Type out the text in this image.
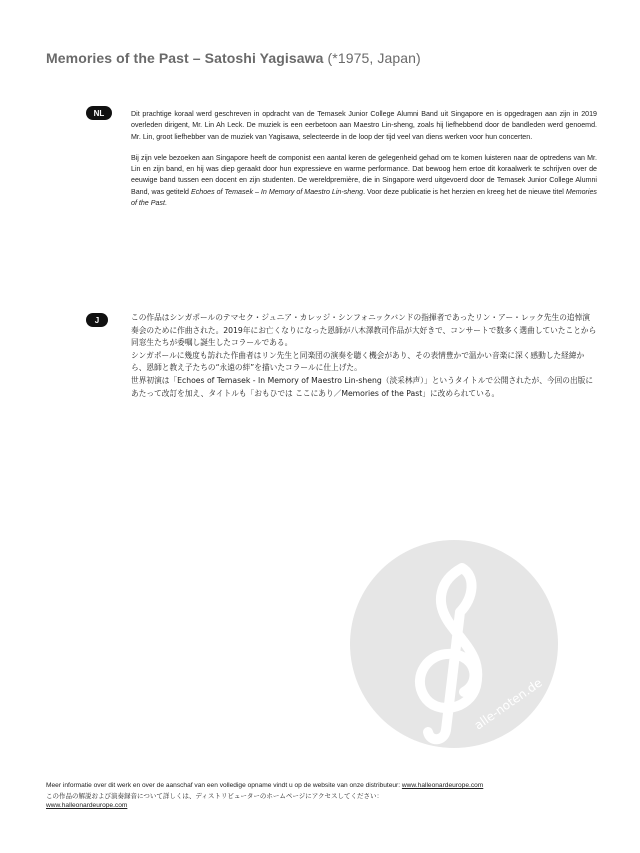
Memories of the Past – Satoshi Yagisawa (*1975, Japan)
NL	Dit prachtige koraal werd geschreven in opdracht van de Temasek Junior College Alumni Band uit Singapore en is opgedragen aan zijn in 2019 overleden dirigent, Mr. Lin Ah Leck. De muziek is een eerbetoon aan Maestro Lin-sheng, zoals hij liefhebbend door de bandleden werd genoemd. Mr. Lin, groot liefhebber van de muziek van Yagisawa, selecteerde in de loop der tijd veel van diens werken voor hun concerten.

Bij zijn vele bezoeken aan Singapore heeft de componist een aantal keren de gelegenheid gehad om te komen luisteren naar de optredens van Mr. Lin en zijn band, en hij was diep geraakt door hun expressieve en warme performance. Dat bewoog hem ertoe dit koraalwerk te schrijven over de eeuwige band tussen een docent en zijn studenten. De wereldpremière, die in Singapore werd uitgevoerd door de Temasek Junior College Alumni Band, was getiteld Echoes of Temasek – In Memory of Maestro Lin-sheng. Voor deze publicatie is het herzien en kreeg het de nieuwe titel Memories of the Past.

J	この作品はシンガポールのテマセク・ジュニア・カレッジ・シンフォニックバンドの指揮者であったリン・アー・レック先生の追悼演奏会のために作曲された。2019年にお亡くなりになった恩師が八木澤教司作品が大好きで、コンサートで数多く選曲していたことから同窓生たちが委嘱し誕生したコラールである。

シンガポールに幾度も訪れた作曲者はリン先生と同楽団の演奏を聴く機会があり、その表情豊かで温かい音楽に深く感動した経緯から、恩師と教え子たちの“永遠の絆”を描いたコラールに仕上げた。

世界初演は「Echoes of Temasek - In Memory of Maestro Lin-sheng（淡采林声）」というタイトルで公開されたが、今回の出版にあたって改訂を加え、タイトルも「おもひでは ここにあり／Memories of the Past」に改められている。

alle-noten.de
Meer informatie over dit werk en over de aanschaf van een volledige opname vindt u op de website van onze distributeur: www.halleonardeurope.com
この作品の解説および演奏録音について詳しくは、ディストリビューターのホームページにアクセスしてください：
www.halleonardeurope.com
